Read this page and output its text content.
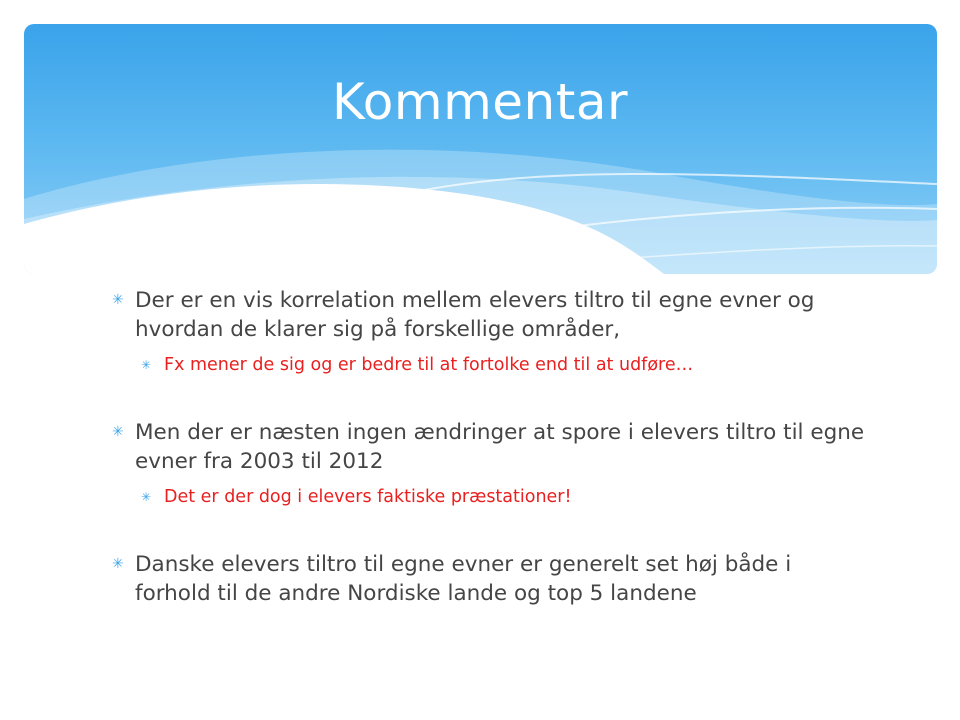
Kommentar
✳ Der er en vis korrelation mellem elevers tiltro til egne evner og hvordan de klarer sig på forskellige områder,
✳ Fx mener de sig og er bedre til at fortolke end til at udføre…
✳ Men der er næsten ingen ændringer at spore i elevers tiltro til egne evner fra 2003 til 2012
✳ Det er der dog i elevers faktiske præstationer!
✳ Danske elevers tiltro til egne evner er generelt set høj både i forhold til de andre Nordiske lande og top 5 landene
